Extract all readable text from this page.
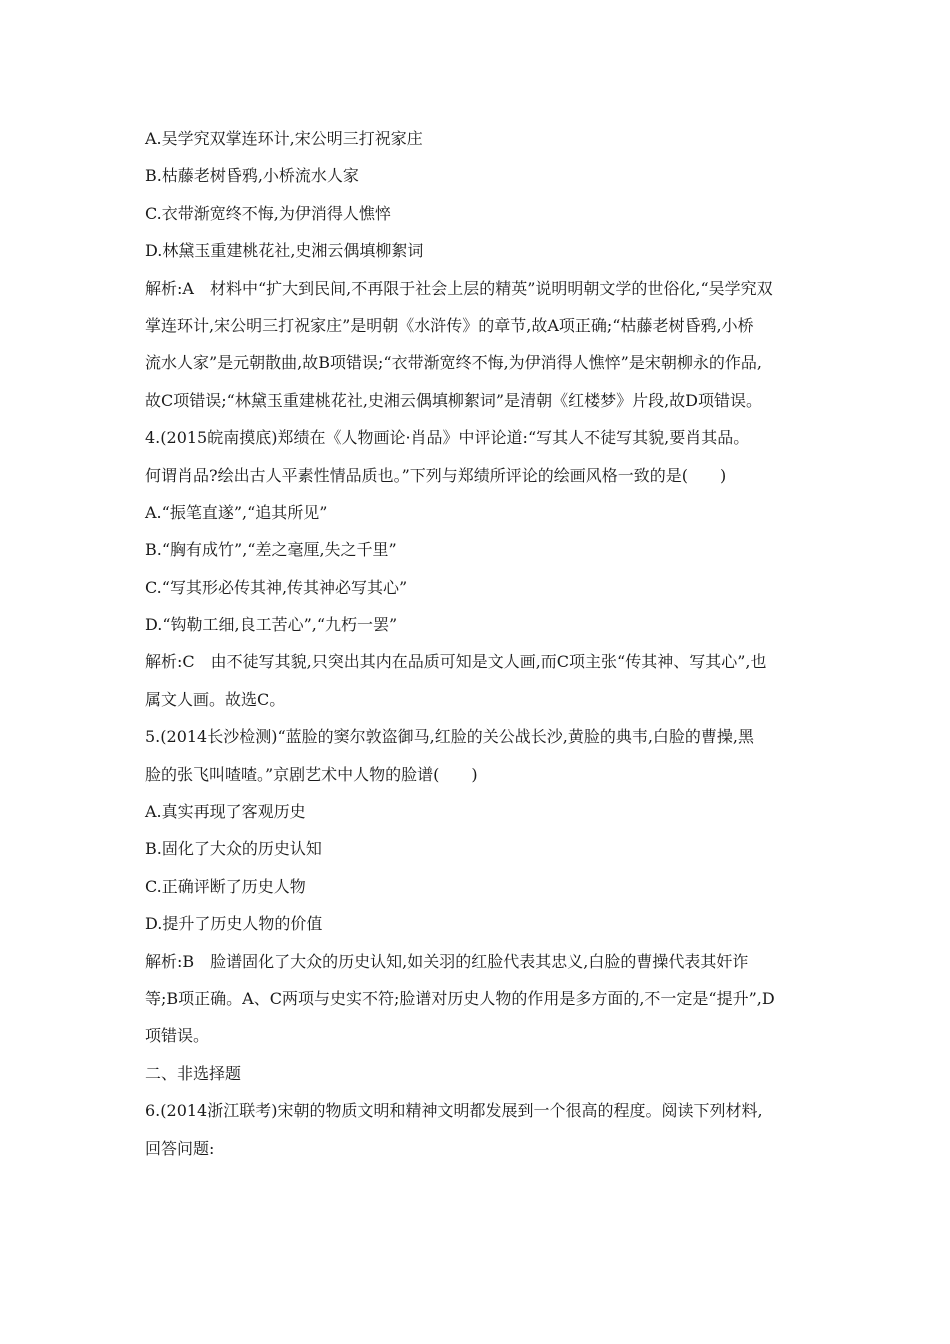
A.吴学究双掌连环计,宋公明三打祝家庄
B.枯藤老树昏鸦,小桥流水人家
C.衣带渐宽终不悔,为伊消得人憔悴
D.林黛玉重建桃花社,史湘云偶填柳絮词
解析:A　材料中“扩大到民间,不再限于社会上层的精英”说明明朝文学的世俗化,“吴学究双
掌连环计,宋公明三打祝家庄”是明朝《水浒传》的章节,故A项正确;“枯藤老树昏鸦,小桥
流水人家”是元朝散曲,故B项错误;“衣带渐宽终不悔,为伊消得人憔悴”是宋朝柳永的作品,
故C项错误;“林黛玉重建桃花社,史湘云偶填柳絮词”是清朝《红楼梦》片段,故D项错误。
4.(2015皖南摸底)郑绩在《人物画论·肖品》中评论道:“写其人不徒写其貌,要肖其品。
何谓肖品?绘出古人平素性情品质也。”下列与郑绩所评论的绘画风格一致的是(　　)
A.“振笔直遂”,“追其所见”
B.“胸有成竹”,“差之毫厘,失之千里”
C.“写其形必传其神,传其神必写其心”
D.“钩勒工细,良工苦心”,“九朽一罢”
解析:C　由不徒写其貌,只突出其内在品质可知是文人画,而C项主张“传其神、写其心”,也
属文人画。故选C。
5.(2014长沙检测)“蓝脸的窦尔敦盗御马,红脸的关公战长沙,黄脸的典韦,白脸的曹操,黑
脸的张飞叫喳喳。”京剧艺术中人物的脸谱(　　)
A.真实再现了客观历史
B.固化了大众的历史认知
C.正确评断了历史人物
D.提升了历史人物的价值
解析:B　脸谱固化了大众的历史认知,如关羽的红脸代表其忠义,白脸的曹操代表其奸诈
等;B项正确。A、C两项与史实不符;脸谱对历史人物的作用是多方面的,不一定是“提升”,D
项错误。
二、非选择题
6.(2014浙江联考)宋朝的物质文明和精神文明都发展到一个很高的程度。阅读下列材料,
回答问题:
